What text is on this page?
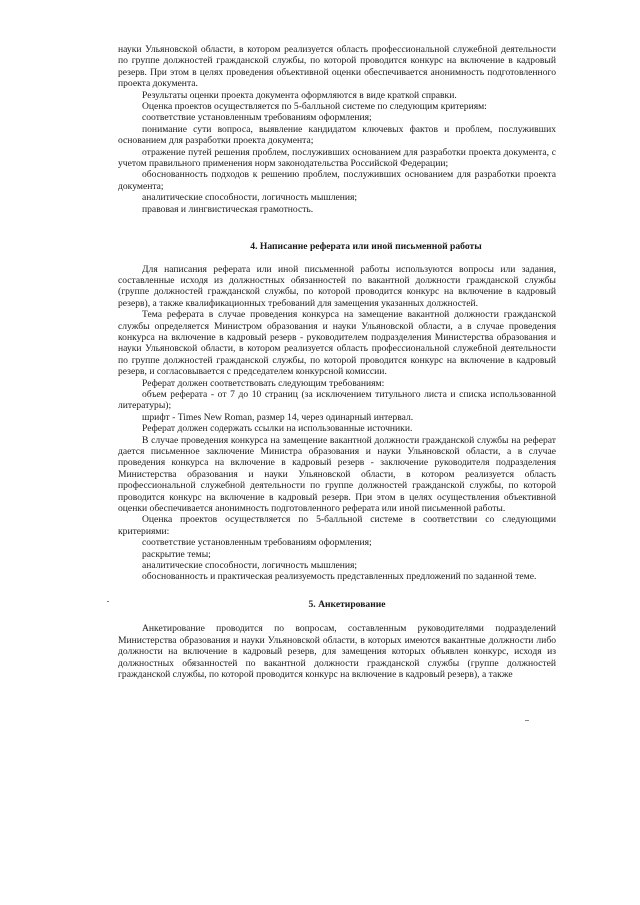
науки Ульяновской области, в котором реализуется область профессиональной служебной деятельности по группе должностей гражданской службы, по которой проводится конкурс на включение в кадровый резерв. При этом в целях проведения объективной оценки обеспечивается анонимность подготовленного проекта документа.

Результаты оценки проекта документа оформляются в виде краткой справки.

Оценка проектов осуществляется по 5-балльной системе по следующим критериям:

соответствие установленным требованиям оформления;

понимание сути вопроса, выявление кандидатом ключевых фактов и проблем, послуживших основанием для разработки проекта документа;

отражение путей решения проблем, послуживших основанием для разработки проекта документа, с учетом правильного применения норм законодательства Российской Федерации;

обоснованность подходов к решению проблем, послуживших основанием для разработки проекта документа;

аналитические способности, логичность мышления;

правовая и лингвистическая грамотность.

4. Написание реферата или иной письменной работы

Для написания реферата или иной письменной работы используются вопросы или задания, составленные исходя из должностных обязанностей по вакантной должности гражданской службы (группе должностей гражданской службы, по которой проводится конкурс на включение в кадровый резерв), а также квалификационных требований для замещения указанных должностей.

Тема реферата в случае проведения конкурса на замещение вакантной должности гражданской службы определяется Министром образования и науки Ульяновской области, а в случае проведения конкурса на включение в кадровый резерв - руководителем подразделения Министерства образования и науки Ульяновской области, в котором реализуется область профессиональной служебной деятельности по группе должностей гражданской службы, по которой проводится конкурс на включение в кадровый резерв, и согласовывается с председателем конкурсной комиссии.

Реферат должен соответствовать следующим требованиям:

объем реферата - от 7 до 10 страниц (за исключением титульного листа и списка использованной литературы);

шрифт - Times New Roman, размер 14, через одинарный интервал.

Реферат должен содержать ссылки на использованные источники.

В случае проведения конкурса на замещение вакантной должности гражданской службы на реферат дается письменное заключение Министра образования и науки Ульяновской области, а в случае проведения конкурса на включение в кадровый резерв - заключение руководителя подразделения Министерства образования и науки Ульяновской области, в котором реализуется область профессиональной служебной деятельности по группе должностей гражданской службы, по которой проводится конкурс на включение в кадровый резерв. При этом в целях осуществления объективной оценки обеспечивается анонимность подготовленного реферата или иной письменной работы.

Оценка проектов осуществляется по 5-балльной системе в соответствии со следующими критериями:

соответствие установленным требованиям оформления;

раскрытие темы;

аналитические способности, логичность мышления;

обоснованность и практическая реализуемость представленных предложений по заданной теме.

5. Анкетирование

Анкетирование проводится по вопросам, составленным руководителями подразделений Министерства образования и науки Ульяновской области, в которых имеются вакантные должности либо должности на включение в кадровый резерв, для замещения которых объявлен конкурс, исходя из должностных обязанностей по вакантной должности гражданской службы (группе должностей гражданской службы, по которой проводится конкурс на включение в кадровый резерв), а также
